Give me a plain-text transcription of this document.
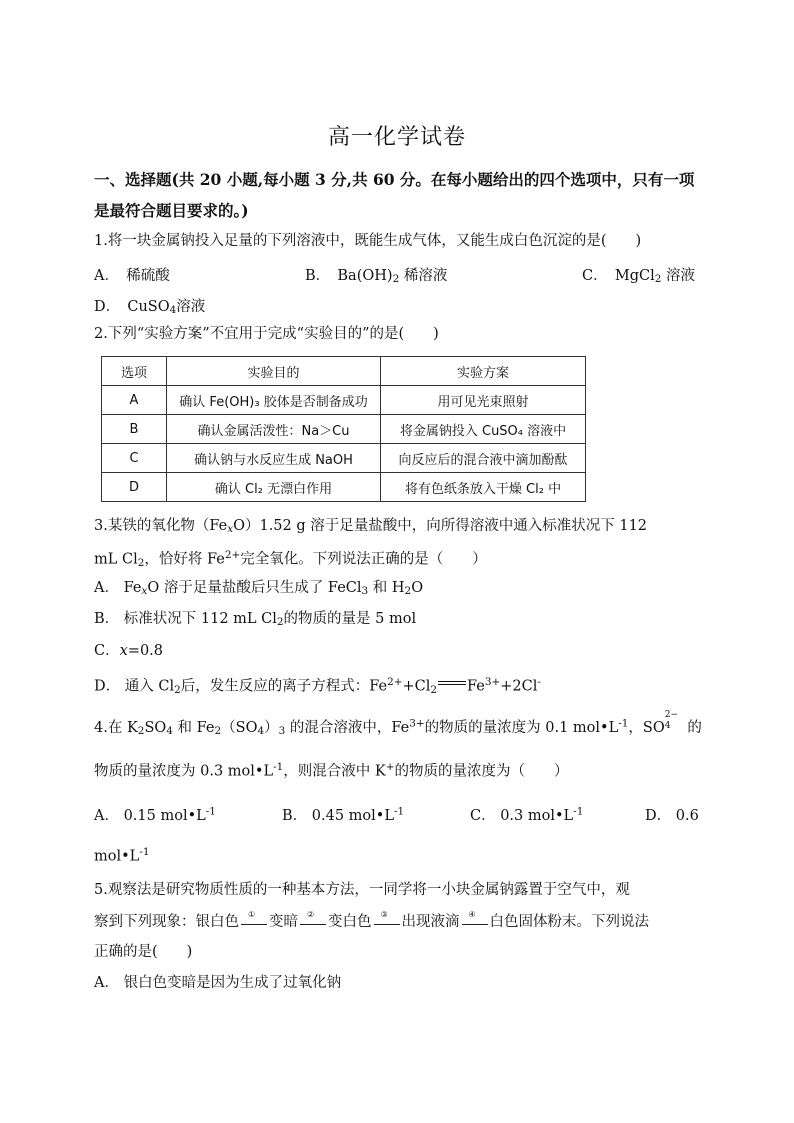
高一化学试卷
一、选择题(共 20 小题,每小题 3 分,共 60 分。在每小题给出的四个选项中，只有一项
是最符合题目要求的。)
1.将一块金属钠投入足量的下列溶液中，既能生成气体，又能生成白色沉淀的是(　　)
A．　稀硫酸	B．　$Ba(OH)_2$ 稀溶液	C．　MgCl$_2$ 溶液
D．　CuSO$_4$溶液
2.下列“实验方案”不宜用于完成“实验目的”的是(　　)
选项	实验目的	实验方案
A	确认 Fe(OH)₃ 胶体是否制备成功	用可见光束照射
B	确认金属活泼性：Na＞Cu	将金属钠投入 CuSO₄ 溶液中
C	确认钠与水反应生成 NaOH	向反应后的混合液中滴加酚酞
D	确认 Cl₂ 无漂白作用	将有色纸条放入干燥 Cl₂ 中
3.某铁的氧化物$(Fe_xO)1.52$ g 溶于足量盐酸中，向所得溶液中通入标准状况下 112
mL $Cl_2$，恰好将 $Fe^{2+}$完全氧化。下列说法正确的是（　　）
A． $Fe_xO$ 溶于足量盐酸后只生成了 FeCl$_3$ 和 $H_2O$
B． 标准状况下 112 mL $Cl_2$的物质的量是 5 mol
C．x=0.8
D． 通入 $Cl_2$后，发生反应的离子方程式：$Fe^{2+}+Cl_2$ $Fe^{3+}+2Cl^-$
4.在 $K_2SO_4$ 和 $Fe_2(SO_4)_3$ 的混合溶液中，$Fe^{3+}$的物质的量浓度为 0.1 $mol•L^{-1}$，SO
2−
4 的
物质的量浓度为 0.3 $mol•L^{-1}$，则混合液中 K+的物质的量浓度为（　　）
A． 0.15 $mol•L^{-1}$	B． 0.45 $mol•L^{-1}$	C． 0.3 $mol•L^{-1}$	D． 0.6
$mol•L^{-1}$
5.观察法是研究物质性质的一种基本方法，一同学将一小块金属钠露置于空气中，观
察到下列现象：银白色 ① 变暗 ② 变白色 ③ 出现液滴 ④ 白色固体粉末。下列说法
正确的是(　　)
A． 银白色变暗是因为生成了过氧化钠
